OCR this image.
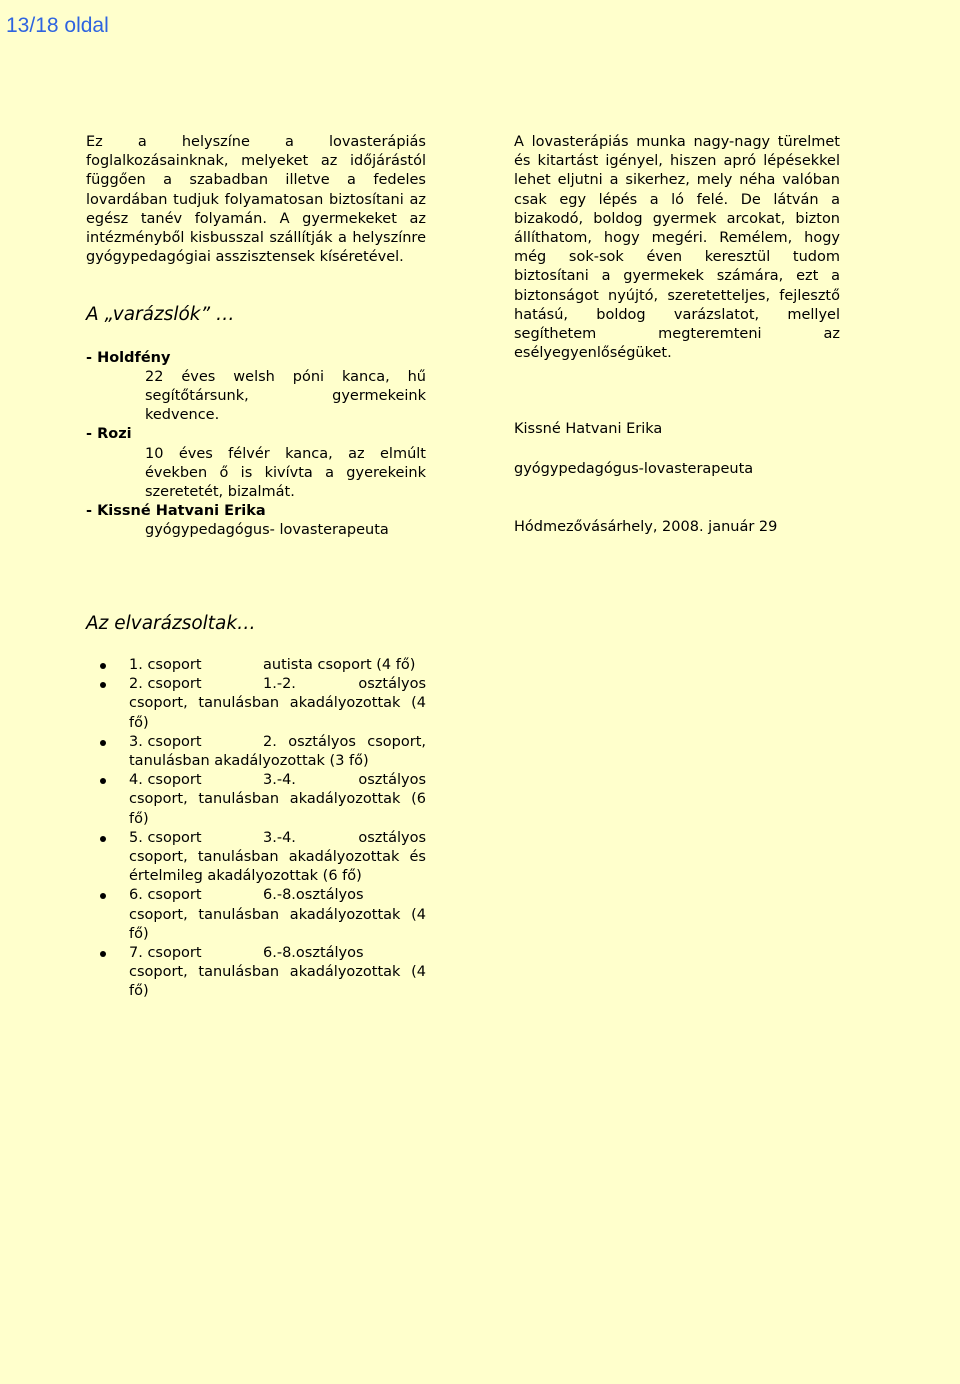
13/18 oldal

Ez a helyszíne a lovasterápiás foglalkozásainknak, melyeket az időjárástól függően a szabadban illetve a fedeles lovardában tudjuk folyamatosan biztosítani az egész tanév folyamán. A gyermekeket az intézményből kisbusszal szállítják a helyszínre gyógypedagógiai asszisztensek kíséretével.

A „varázslók” …

- Holdfény

22 éves welsh póni kanca, hű segítőtársunk, gyermekeink kedvence.

- Rozi

10 éves félvér kanca, az elmúlt években ő is kivívta a gyerekeink szeretetét, bizalmát.

- Kissné Hatvani Erika

gyógypedagógus- lovasterapeuta

A lovasterápiás munka nagy-nagy türelmet és kitartást igényel, hiszen apró lépésekkel lehet eljutni a sikerhez, mely néha valóban csak egy lépés a ló felé. De látván a bizakodó, boldog gyermek arcokat, bizton állíthatom, hogy megéri. Remélem, hogy még sok-sok éven keresztül tudom biztosítani a gyermekek számára, ezt a biztonságot nyújtó, szeretetteljes, fejlesztő hatású, boldog varázslatot, mellyel segíthetem megteremteni az esélyegyenlőségüket.

Kissné Hatvani Erika

gyógypedagógus-lovasterapeuta

Hódmezővásárhely, 2008. január 29

Az elvarázsoltak…

1. csoport	autista csoport (4 fő)
2. csoport	1.-2. osztályos csoport, tanulásban akadályozottak (4 fő)
3. csoport	2. osztályos csoport, tanulásban akadályozottak (3 fő)
4. csoport	3.-4. osztályos csoport, tanulásban akadályozottak (6 fő)
5. csoport	3.-4. osztályos csoport, tanulásban akadályozottak és értelmileg akadályozottak (6 fő)
6. csoport	6.-8.osztályos csoport, tanulásban akadályozottak (4 fő)
7. csoport	6.-8.osztályos csoport, tanulásban akadályozottak (4 fő)
